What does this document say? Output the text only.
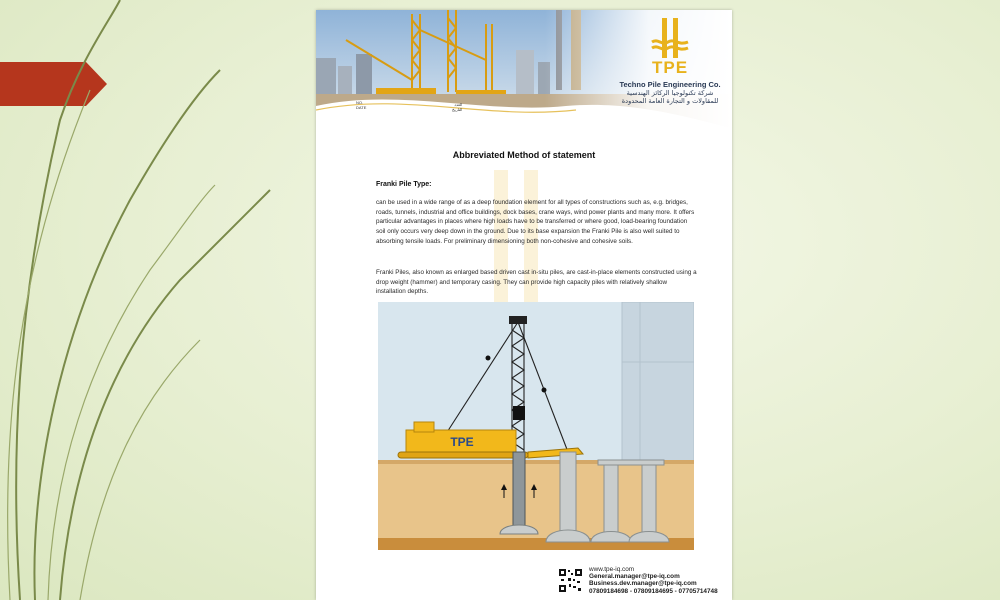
TPE
Techno Pile Engineering Co.
شركة تكنولوجيا الركائز الهندسية
للمقاولات و التجارة العامة المحدودة
NO.
DATE
العدد
التاريخ
Abbreviated Method of statement
Franki Pile Type:
can be used in a wide range of as a deep foundation element for all types of constructions such as, e.g. bridges, roads, tunnels, industrial and office buildings, dock bases, crane ways, wind power plants and many more. It offers particular advantages in places where high loads have to be transferred or where good, load-bearing foundation soil only occurs very deep down in the ground. Due to its base expansion the Franki Pile is also well suited to absorbing tensile loads. For preliminary dimensioning both non-cohesive and cohesive soils.
Franki Piles, also known as enlarged based driven cast in-situ piles, are cast-in-place elements constructed using a drop weight (hammer) and temporary casing. They can provide high capacity piles with relatively shallow installation depths.
TPE
www.tpe-iq.com
General.manager@tpe-iq.com
Business.dev.manager@tpe-iq.com
07809184698 - 07809184695 - 07705714748
